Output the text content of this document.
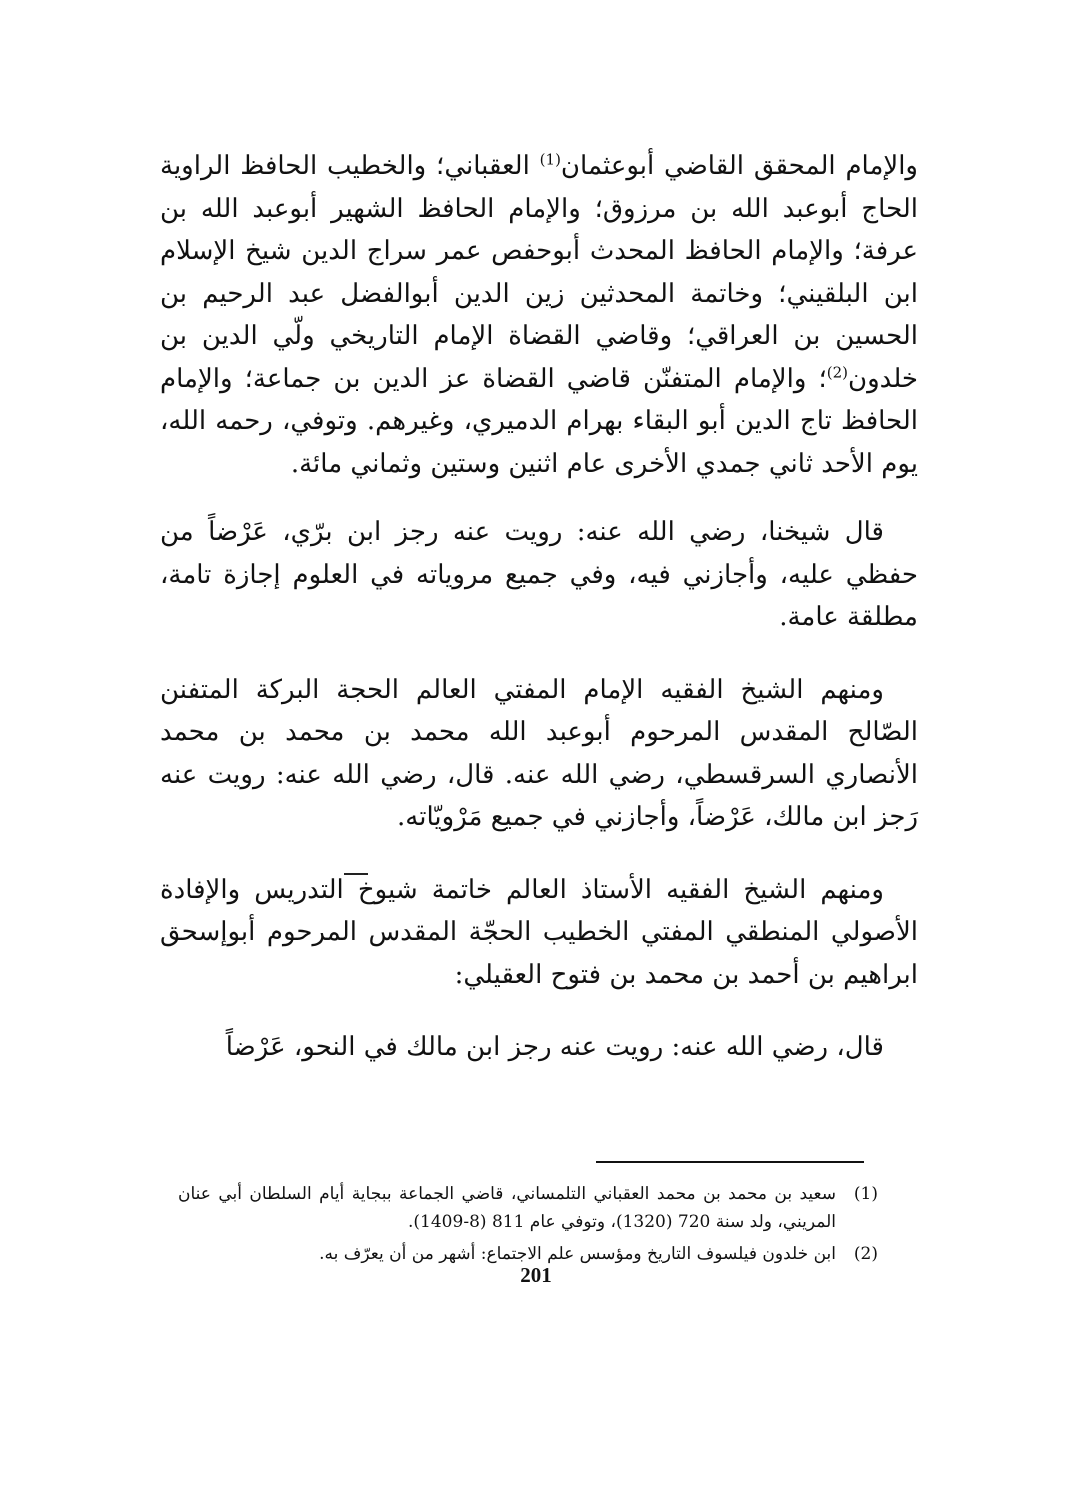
والإمام المحقق القاضي أبوعثمان$^{(1)}$ العقباني؛ والخطيب الحافظ الراوية الحاج أبوعبد الله بن مرزوق؛ والإمام الحافظ الشهير أبوعبد الله بن عرفة؛ والإمام الحافظ المحدث أبوحفص عمر سراج الدين شيخ الإسلام ابن البلقيني؛ وخاتمة المحدثين زين الدين أبوالفضل عبد الرحيم بن الحسين بن العراقي؛ وقاضي القضاة الإمام التاريخي ولّي الدين بن خلدون$^{(2)}$؛ والإمام المتفنّن قاضي القضاة عز الدين بن جماعة؛ والإمام الحافظ تاج الدين أبو البقاء بهرام الدميري، وغيرهم. وتوفي، رحمه الله، يوم الأحد ثاني جمدي الأخرى عام اثنين وستين وثماني مائة.

قال شيخنا، رضي الله عنه: رويت عنه رجز ابن برّي، عَرْضاً من حفظي عليه، وأجازني فيه، وفي جميع مروياته في العلوم إجازة تامة، مطلقة عامة.

ومنهم الشيخ الفقيه الإمام المفتي العالم الحجة البركة المتفنن الصّالح المقدس المرحوم أبوعبد الله محمد بن محمد بن محمد الأنصاري السرقسطي، رضي الله عنه. قال، رضي الله عنه: رويت عنه رَجز ابن مالك، عَرْضاً، وأجازني في جميع مَرْويّاته.

ومنهم الشيخ الفقيه الأستاذ العالم خاتمة شيوخ التدريس والإفادة الأصولي المنطقي المفتي الخطيب الحجّة المقدس المرحوم أبوإسحق ابراهيم بن أحمد بن محمد بن فتوح العقيلي:

قال، رضي الله عنه: رويت عنه رجز ابن مالك في النحو، عَرْضاً

(1)
سعيد بن محمد بن محمد العقباني التلمساني، قاضي الجماعة ببجاية أيام السلطان أبي عنان المريني، ولد سنة 720 (1320)، وتوفي عام 811 (8-1409).
(2)
ابن خلدون فيلسوف التاريخ ومؤسس علم الاجتماع: أشهر من أن يعرّف به.
201
